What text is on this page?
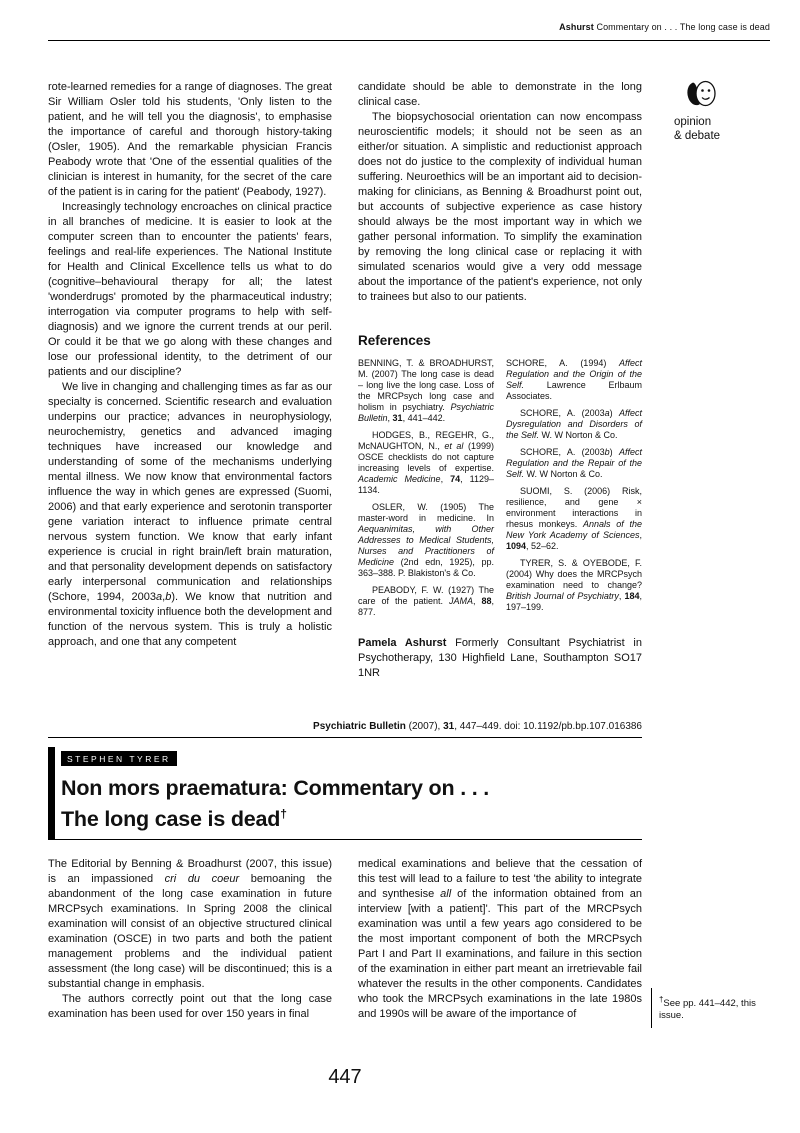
Ashurst Commentary on . . . The long case is dead

rote-learned remedies for a range of diagnoses. The great Sir William Osler told his students, 'Only listen to the patient, and he will tell you the diagnosis', to emphasise the importance of careful and thorough history-taking (Osler, 1905). And the remarkable physician Francis Peabody wrote that 'One of the essential qualities of the clinician is interest in humanity, for the secret of the care of the patient is in caring for the patient' (Peabody, 1927).

Increasingly technology encroaches on clinical practice in all branches of medicine. It is easier to look at the computer screen than to encounter the patients' fears, feelings and real-life experiences. The National Institute for Health and Clinical Excellence tells us what to do (cognitive–behavioural therapy for all; the latest 'wonderdrugs' promoted by the pharmaceutical industry; interrogation via computer programs to help with self-diagnosis) and we ignore the current trends at our peril. Or could it be that we go along with these changes and lose our professional identity, to the detriment of our patients and our discipline?

We live in changing and challenging times as far as our specialty is concerned. Scientific research and evaluation underpins our practice; advances in neurophysiology, neurochemistry, genetics and advanced imaging techniques have increased our knowledge and understanding of some of the mechanisms underlying mental illness. We now know that environmental factors influence the way in which genes are expressed (Suomi, 2006) and that early experience and serotonin transporter gene variation interact to influence primate central nervous system function. We know that early infant experience is crucial in right brain/left brain maturation, and that personality development depends on satisfactory early interpersonal communication and relationships (Schore, 1994, 2003a,b). We know that nutrition and environmental toxicity influence both the development and function of the nervous system. This is truly a holistic approach, and one that any competent

candidate should be able to demonstrate in the long clinical case.

The biopsychosocial orientation can now encompass neuroscientific models; it should not be seen as an either/or situation. A simplistic and reductionist approach does not do justice to the complexity of individual human suffering. Neuroethics will be an important aid to decision-making for clinicians, as Benning & Broadhurst point out, but accounts of subjective experience as case history should always be the most important way in which we gather personal information. To simplify the examination by removing the long clinical case or replacing it with simulated scenarios would give a very odd message about the importance of the patient's experience, not only to trainees but also to our patients.

References

BENNING, T. & BROADHURST, M. (2007) The long case is dead – long live the long case. Loss of the MRCPsych long case and holism in psychiatry. Psychiatric Bulletin, 31, 441–442.

HODGES, B., REGEHR, G., McNAUGHTON, N., et al (1999) OSCE checklists do not capture increasing levels of expertise. Academic Medicine, 74, 1129–1134.

OSLER, W. (1905) The master-word in medicine. In Aequanimitas, with Other Addresses to Medical Students, Nurses and Practitioners of Medicine (2nd edn, 1925), pp. 363–388. P. Blakiston's & Co.

PEABODY, F. W. (1927) The care of the patient. JAMA, 88, 877.

SCHORE, A. (1994) Affect Regulation and the Origin of the Self. Lawrence Erlbaum Associates.

SCHORE, A. (2003a) Affect Dysregulation and Disorders of the Self. W. W Norton & Co.

SCHORE, A. (2003b) Affect Regulation and the Repair of the Self. W. W Norton & Co.

SUOMI, S. (2006) Risk, resilience, and gene × environment interactions in rhesus monkeys. Annals of the New York Academy of Sciences, 1094, 52–62.

TYRER, S. & OYEBODE, F. (2004) Why does the MRCPsych examination need to change? British Journal of Psychiatry, 184, 197–199.

Pamela Ashurst Formerly Consultant Psychiatrist in Psychotherapy, 130 Highfield Lane, Southampton SO17 1NR

opinion
& debate
Psychiatric Bulletin (2007), 31, 447–449. doi: 10.1192/pb.bp.107.016386
STEPHEN TYRER
Non mors praematura: Commentary on . . .
The long case is dead†

The Editorial by Benning & Broadhurst (2007, this issue) is an impassioned cri du coeur bemoaning the abandonment of the long case examination in future MRCPsych examinations. In Spring 2008 the clinical examination will consist of an objective structured clinical examination (OSCE) in two parts and both the patient management problems and the individual patient assessment (the long case) will be discontinued; this is a substantial change in emphasis.

The authors correctly point out that the long case examination has been used for over 150 years in final

medical examinations and believe that the cessation of this test will lead to a failure to test 'the ability to integrate and synthesise all of the information obtained from an interview [with a patient]'. This part of the MRCPsych examination was until a few years ago considered to be the most important component of both the MRCPsych Part I and Part II examinations, and failure in this section of the examination in either part meant an irretrievable fail whatever the results in the other components. Candidates who took the MRCPsych examinations in the late 1980s and 1990s will be aware of the importance of

†See pp. 441–442, this issue.
447
